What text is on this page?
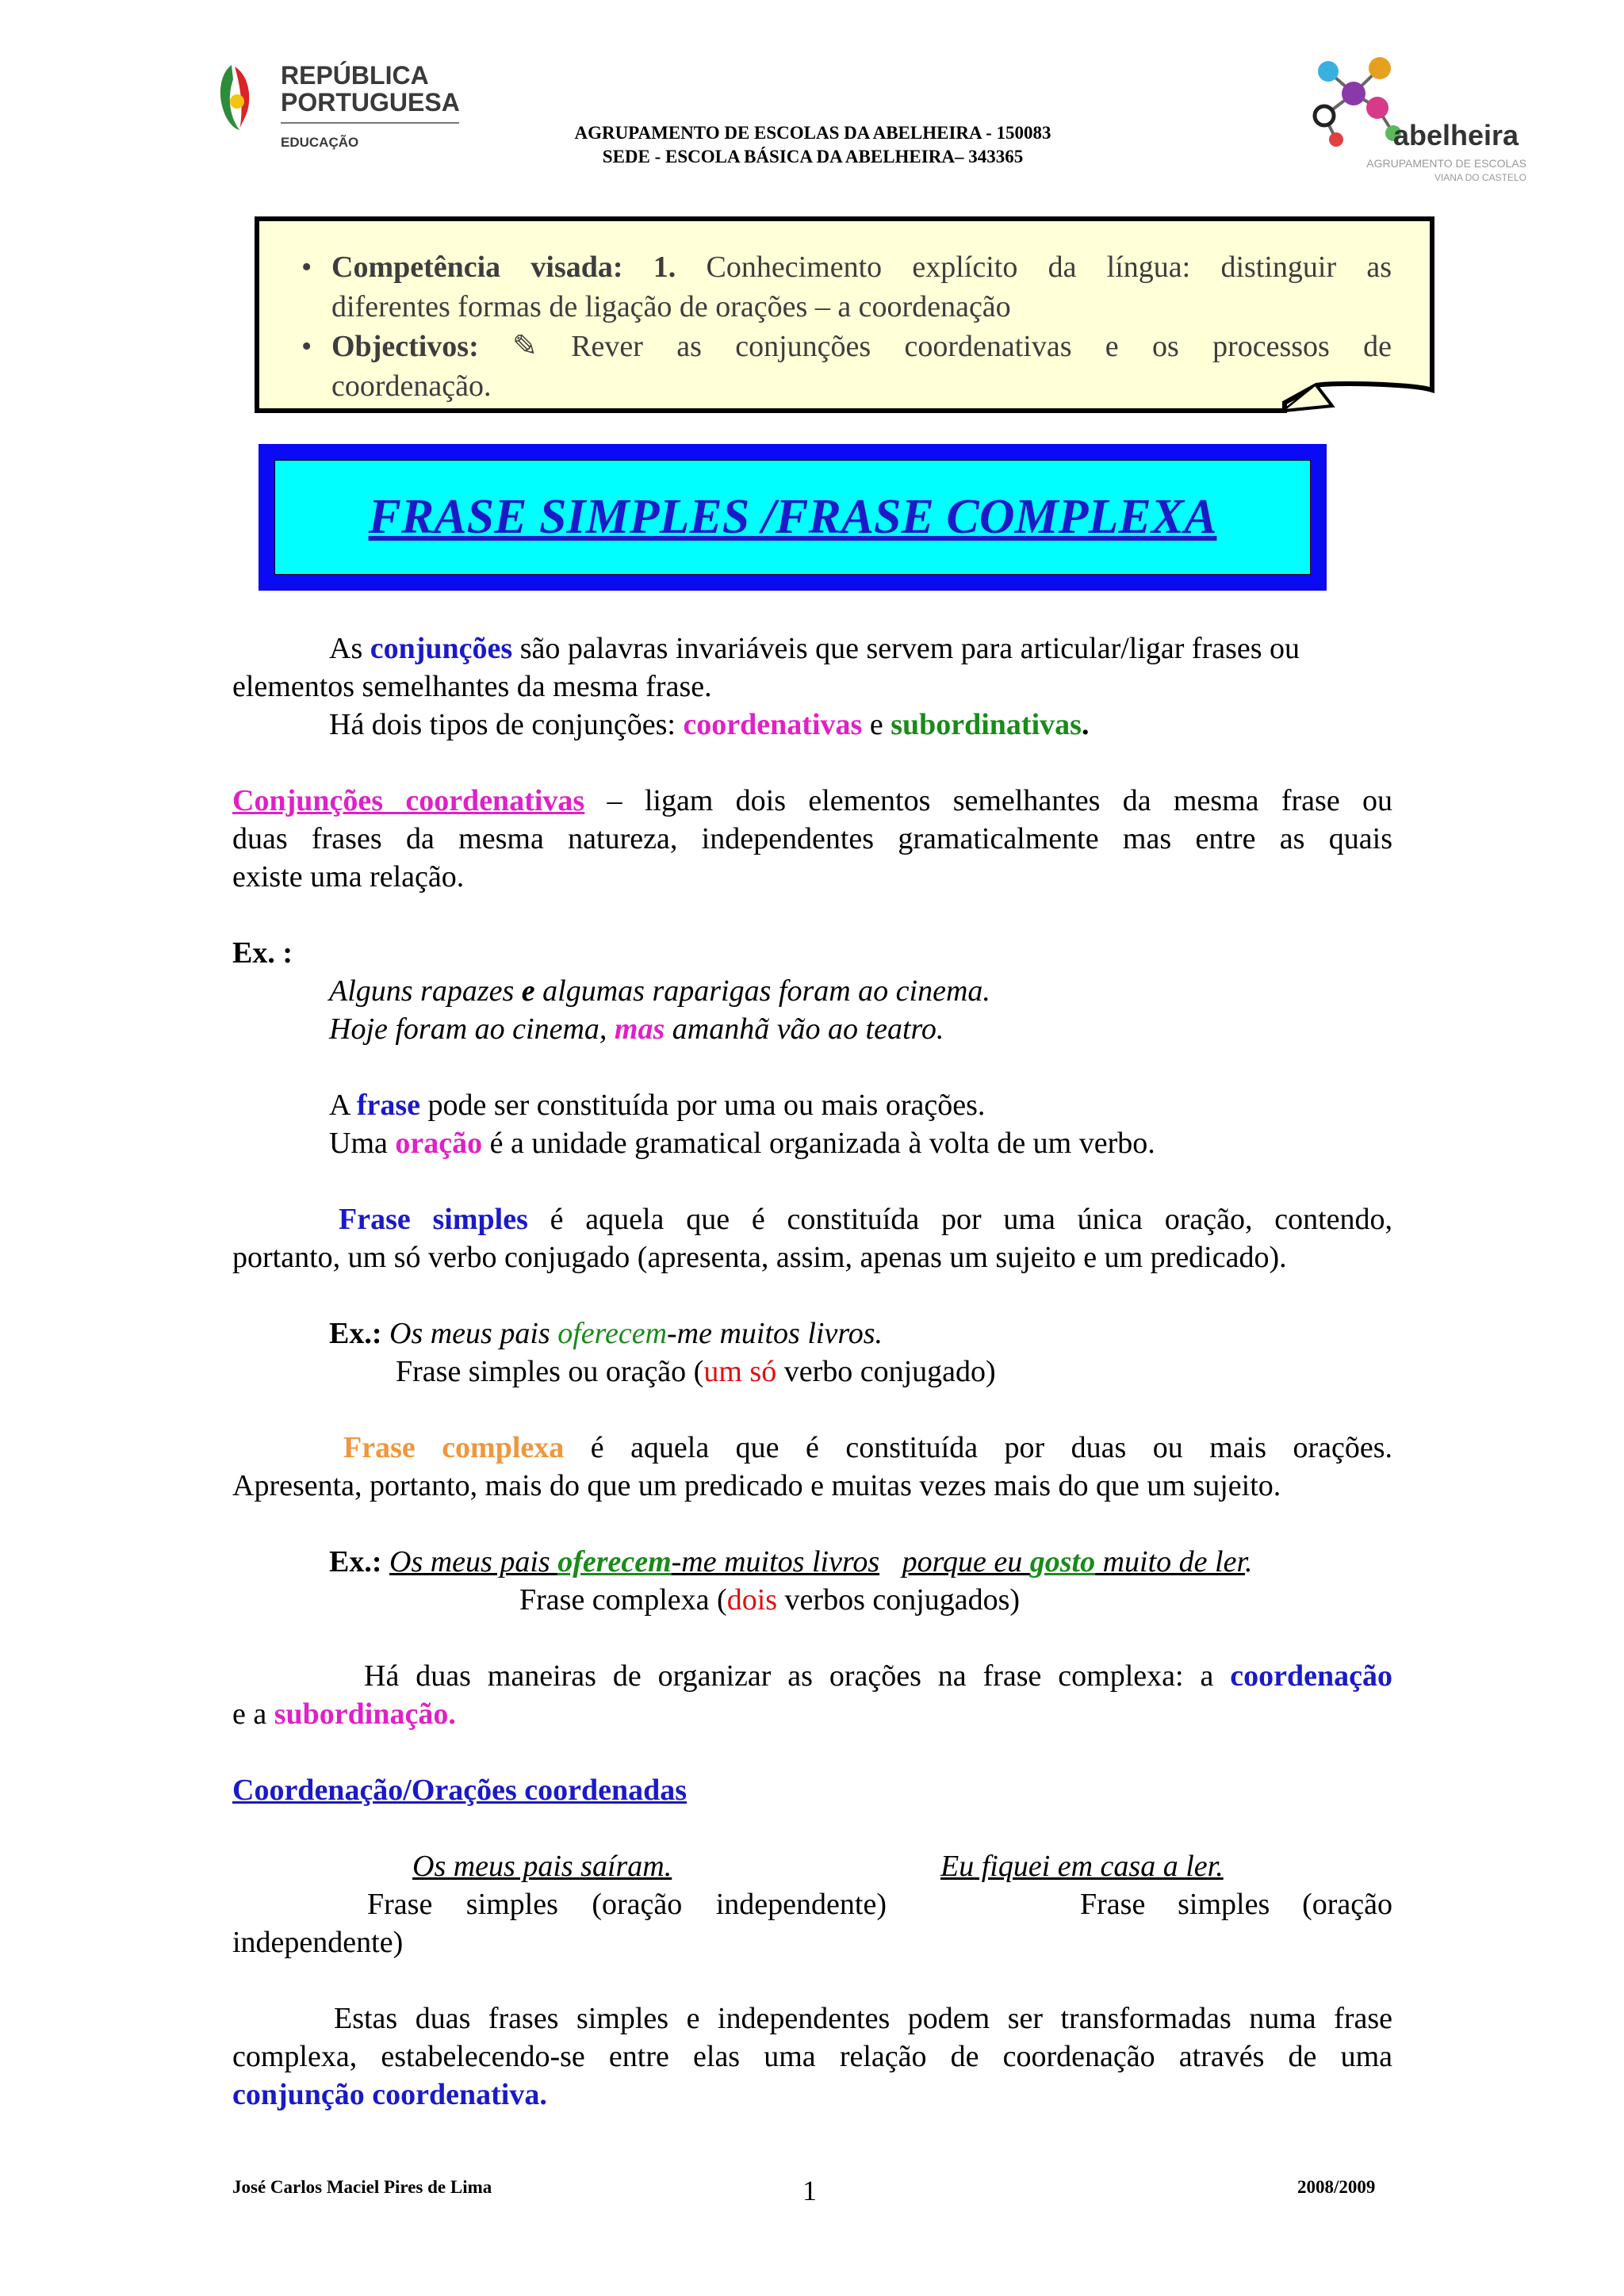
REPÚBLICA
PORTUGUESA
EDUCAÇÃO	AGRUPAMENTO DE ESCOLAS DA ABELHEIRA - 150083
SEDE - ESCOLA BÁSICA DA ABELHEIRA– 343365
abelheira
AGRUPAMENTO DE ESCOLAS
VIANA DO CASTELO
• Competência visada: 1. Conhecimento explícito da língua: distinguir as
diferentes formas de ligação de orações – a coordenação
• Objectivos: ✎ Rever as conjunções coordenativas e os processos de
coordenação.
FRASE SIMPLES /FRASE COMPLEXA
As conjunções são palavras invariáveis que servem para articular/ligar frases ou
elementos semelhantes da mesma frase.
Há dois tipos de conjunções: coordenativas e subordinativas.
Conjunções coordenativas – ligam dois elementos semelhantes da mesma frase ou
duas frases da mesma natureza, independentes gramaticalmente mas entre as quais
existe uma relação.
Ex. :
Alguns rapazes e algumas raparigas foram ao cinema.
Hoje foram ao cinema, mas amanhã vão ao teatro.
A frase pode ser constituída por uma ou mais orações.
Uma oração é a unidade gramatical organizada à volta de um verbo.
Frase simples é aquela que é constituída por uma única oração, contendo,
portanto, um só verbo conjugado (apresenta, assim, apenas um sujeito e um predicado).
Ex.: Os meus pais oferecem-me muitos livros.
Frase simples ou oração (um só verbo conjugado)
Frase complexa é aquela que é constituída por duas ou mais orações.
Apresenta, portanto, mais do que um predicado e muitas vezes mais do que um sujeito.
Ex.: Os meus pais oferecem-me muitos livros porque eu gosto muito de ler.
Frase complexa (dois verbos conjugados)
Há duas maneiras de organizar as orações na frase complexa: a coordenação
e a subordinação.
Coordenação/Orações coordenadas
Os meus pais saíram.	Eu fiquei em casa a ler.
Frase simples (oração independente)	Frase simples (oração
independente)
Estas duas frases simples e independentes podem ser transformadas numa frase
complexa, estabelecendo-se entre elas uma relação de coordenação através de uma
conjunção coordenativa.
José Carlos Maciel Pires de Lima	1	2008/2009
